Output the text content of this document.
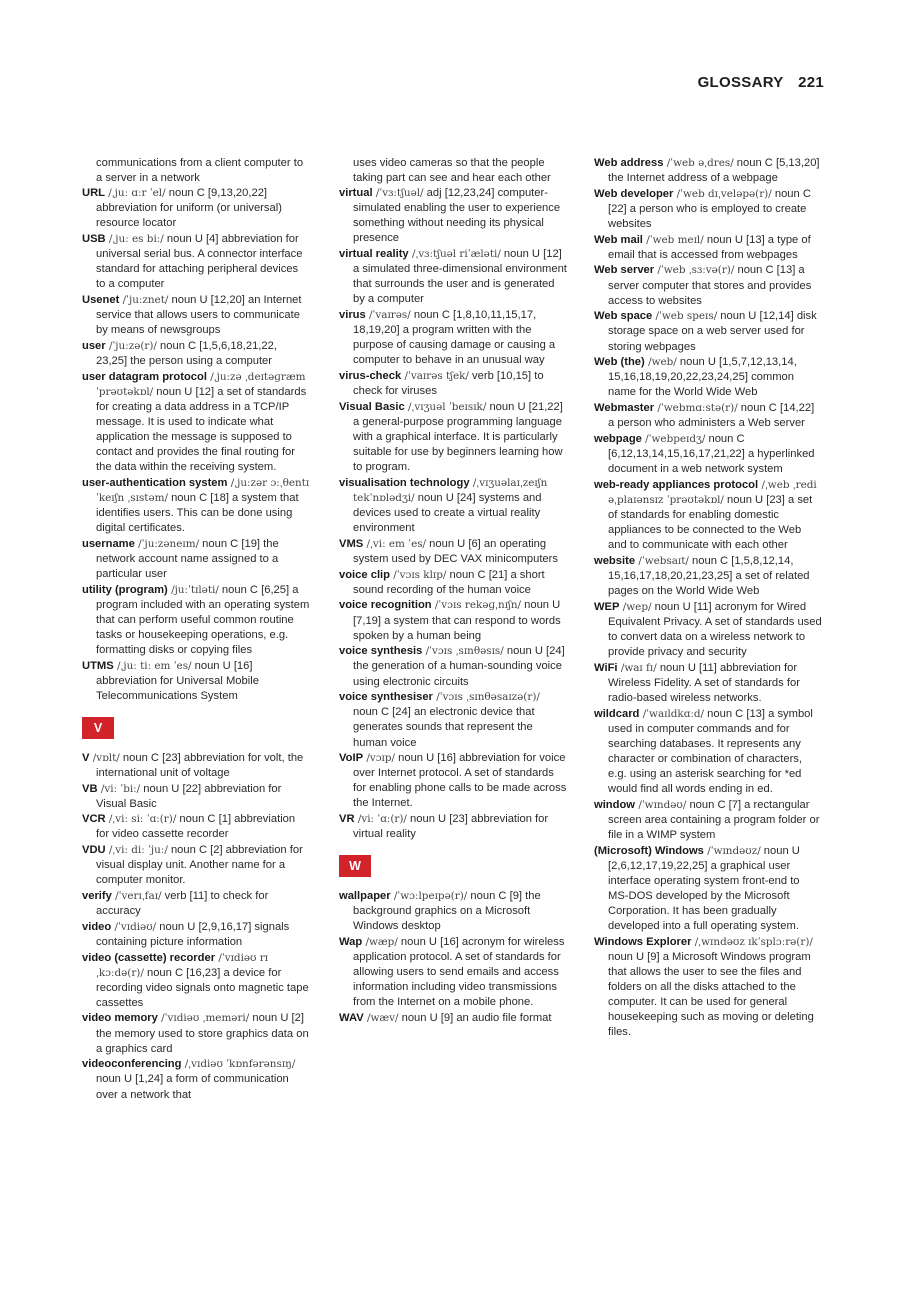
GLOSSARY 221

communications from a client computer to a server in a network

URL /ˌjuː ɑːr ˈel/ noun C [9,13,20,22] abbreviation for uniform (or universal) resource locator

USB /ˌjuː es biː/ noun U [4] abbreviation for universal serial bus. A connector interface standard for attaching peripheral devices to a computer

Usenet /ˈjuːznet/ noun U [12,20] an Internet service that allows users to communicate by means of newsgroups

user /ˈjuːzə(r)/ noun C [1,5,6,18,21,22, 23,25] the person using a computer

user datagram protocol /ˌjuːzə ˌdeɪtəɡræm ˈprəʊtəkɒl/ noun U [12] a set of standards for creating a data address in a TCP/IP message. It is used to indicate what application the message is supposed to contact and provides the final routing for the data within the receiving system.

user-authentication system /ˌjuːzər ɔːˌθentɪˈkeɪʃn ˌsɪstəm/ noun C [18] a system that identifies users. This can be done using digital certificates.

username /ˈjuːzəneɪm/ noun C [19] the network account name assigned to a particular user

utility (program) /juːˈtɪləti/ noun C [6,25] a program included with an operating system that can perform useful common routine tasks or housekeeping operations, e.g. formatting disks or copying files

UTMS /ˌjuː tiː em ˈes/ noun U [16] abbreviation for Universal Mobile Telecommunications System

V

V /vɒlt/ noun C [23] abbreviation for volt, the international unit of voltage

VB /viː ˈbiː/ noun U [22] abbreviation for Visual Basic

VCR /ˌviː siː ˈɑː(r)/ noun C [1] abbreviation for video cassette recorder

VDU /ˌviː diː ˈjuː/ noun C [2] abbreviation for visual display unit. Another name for a computer monitor.

verify /ˈverɪˌfaɪ/ verb [11] to check for accuracy

video /ˈvɪdiəʊ/ noun U [2,9,16,17] signals containing picture information

video (cassette) recorder /ˈvɪdiəʊ rɪˌkɔːdə(r)/ noun C [16,23] a device for recording video signals onto magnetic tape cassettes

video memory /ˈvɪdiəʊ ˌmeməri/ noun U [2] the memory used to store graphics data on a graphics card

videoconferencing /ˌvɪdiəʊ ˈkɒnfərənsɪŋ/ noun U [1,24] a form of communication over a network that

uses video cameras so that the people taking part can see and hear each other

virtual /ˈvɜːtʃuəl/ adj [12,23,24] computer-simulated enabling the user to experience something without needing its physical presence

virtual reality /ˌvɜːtʃuəl riˈæləti/ noun U [12] a simulated three-dimensional environment that surrounds the user and is generated by a computer

virus /ˈvaɪrəs/ noun C [1,8,10,11,15,17, 18,19,20] a program written with the purpose of causing damage or causing a computer to behave in an unusual way

virus-check /ˈvaɪrəs tʃek/ verb [10,15] to check for viruses

Visual Basic /ˌvɪʒuəl ˈbeɪsɪk/ noun U [21,22] a general-purpose programming language with a graphical interface. It is particularly suitable for use by beginners learning how to program.

visualisation technology /ˌvɪʒuəlaɪˌzeɪʃn tekˈnɒlədʒi/ noun U [24] systems and devices used to create a virtual reality environment

VMS /ˌviː em ˈes/ noun U [6] an operating system used by DEC VAX minicomputers

voice clip /ˈvɔɪs klɪp/ noun C [21] a short sound recording of the human voice

voice recognition /ˈvɔɪs rekəɡˌnɪʃn/ noun U [7,19] a system that can respond to words spoken by a human being

voice synthesis /ˈvɔɪs ˌsɪnθəsɪs/ noun U [24] the generation of a human-sounding voice using electronic circuits

voice synthesiser /ˈvɔɪs ˌsɪnθəsaɪzə(r)/ noun C [24] an electronic device that generates sounds that represent the human voice

VoIP /vɔɪp/ noun U [16] abbreviation for voice over Internet protocol. A set of standards for enabling phone calls to be made across the Internet.

VR /viː ˈɑː(r)/ noun U [23] abbreviation for virtual reality

W

wallpaper /ˈwɔːlpeɪpə(r)/ noun C [9] the background graphics on a Microsoft Windows desktop

Wap /wæp/ noun U [16] acronym for wireless application protocol. A set of standards for allowing users to send emails and access information including video transmissions from the Internet on a mobile phone.

WAV /wæv/ noun U [9] an audio file format

Web address /ˈweb əˌdres/ noun C [5,13,20] the Internet address of a webpage

Web developer /ˈweb dɪˌveləpə(r)/ noun C [22] a person who is employed to create websites

Web mail /ˈweb meɪl/ noun U [13] a type of email that is accessed from webpages

Web server /ˈweb ˌsɜːvə(r)/ noun C [13] a server computer that stores and provides access to websites

Web space /ˈweb speɪs/ noun U [12,14] disk storage space on a web server used for storing webpages

Web (the) /web/ noun U [1,5,7,12,13,14, 15,16,18,19,20,22,23,24,25] common name for the World Wide Web

Webmaster /ˈwebmɑːstə(r)/ noun C [14,22] a person who administers a Web server

webpage /ˈwebpeɪdʒ/ noun C [6,12,13,14,15,16,17,21,22] a hyperlinked document in a web network system

web-ready appliances protocol /ˌweb ˌredi əˌplaɪənsɪz ˈprəʊtəkɒl/ noun U [23] a set of standards for enabling domestic appliances to be connected to the Web and to communicate with each other

website /ˈwebsaɪt/ noun C [1,5,8,12,14, 15,16,17,18,20,21,23,25] a set of related pages on the World Wide Web

WEP /wep/ noun U [11] acronym for Wired Equivalent Privacy. A set of standards used to convert data on a wireless network to provide privacy and security

WiFi /waɪ fɪ/ noun U [11] abbreviation for Wireless Fidelity. A set of standards for radio-based wireless networks.

wildcard /ˈwaɪldkɑːd/ noun C [13] a symbol used in computer commands and for searching databases. It represents any character or combination of characters, e.g. using an asterisk searching for *ed would find all words ending in ed.

window /ˈwɪndəʊ/ noun C [7] a rectangular screen area containing a program folder or file in a WIMP system

(Microsoft) Windows /ˈwɪndəʊz/ noun U [2,6,12,17,19,22,25] a graphical user interface operating system front-end to MS-DOS developed by the Microsoft Corporation. It has been gradually developed into a full operating system.

Windows Explorer /ˌwɪndəʊz ɪkˈsplɔːrə(r)/ noun U [9] a Microsoft Windows program that allows the user to see the files and folders on all the disks attached to the computer. It can be used for general housekeeping such as moving or deleting files.
